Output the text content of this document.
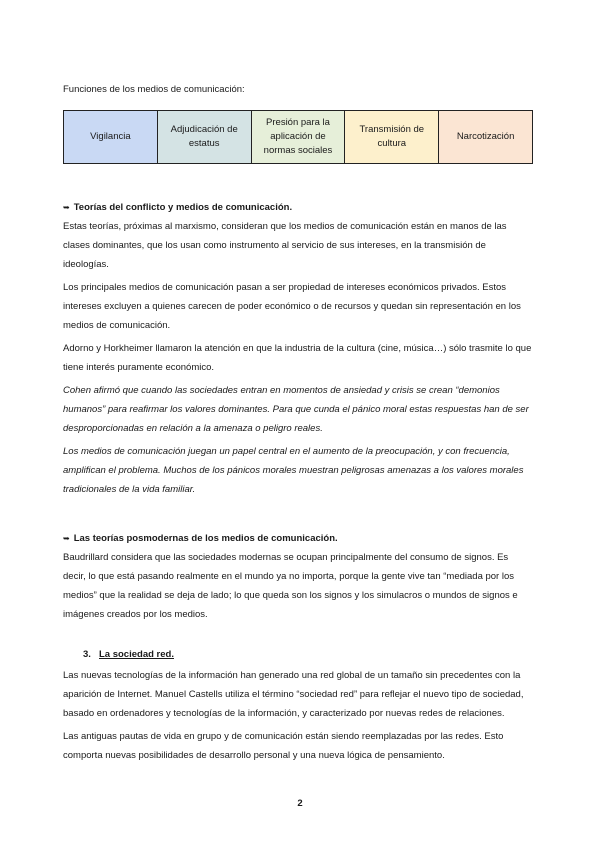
Funciones de los medios de comunicación:
Vigilancia	Adjudicación de estatus	Presión para la aplicación de normas sociales	Transmisión de cultura	Narcotización

➥ Teorías del conflicto y medios de comunicación.

Estas teorías, próximas al marxismo, consideran que los medios de comunicación están en manos de las clases dominantes, que los usan como instrumento al servicio de sus intereses, en la transmisión de ideologías.

Los principales medios de comunicación pasan a ser propiedad de intereses económicos privados. Estos intereses excluyen a quienes carecen de poder económico o de recursos y quedan sin representación en los medios de comunicación.

Adorno y Horkheimer llamaron la atención en que la industria de la cultura (cine, música…) sólo trasmite lo que tiene interés puramente económico.

Cohen afirmó que cuando las sociedades entran en momentos de ansiedad y crisis se crean “demonios humanos” para reafirmar los valores dominantes. Para que cunda el pánico moral estas respuestas han de ser desproporcionadas en relación a la amenaza o peligro reales.

Los medios de comunicación juegan un papel central en el aumento de la preocupación, y con frecuencia, amplifican el problema. Muchos de los pánicos morales muestran peligrosas amenazas a los valores morales tradicionales de la vida familiar.

➥ Las teorías posmodernas de los medios de comunicación.

Baudrillard considera que las sociedades modernas se ocupan principalmente del consumo de signos. Es decir, lo que está pasando realmente en el mundo ya no importa, porque la gente vive tan “mediada por los medios” que la realidad se deja de lado; lo que queda son los signos y los simulacros o mundos de signos e imágenes creados por los medios.

3. La sociedad red.

Las nuevas tecnologías de la información han generado una red global de un tamaño sin precedentes con la aparición de Internet. Manuel Castells utiliza el término “sociedad red” para reflejar el nuevo tipo de sociedad, basado en ordenadores y tecnologías de la información, y caracterizado por nuevas redes de relaciones.

Las antiguas pautas de vida en grupo y de comunicación están siendo reemplazadas por las redes. Esto comporta nuevas posibilidades de desarrollo personal y una nueva lógica de pensamiento.

2
